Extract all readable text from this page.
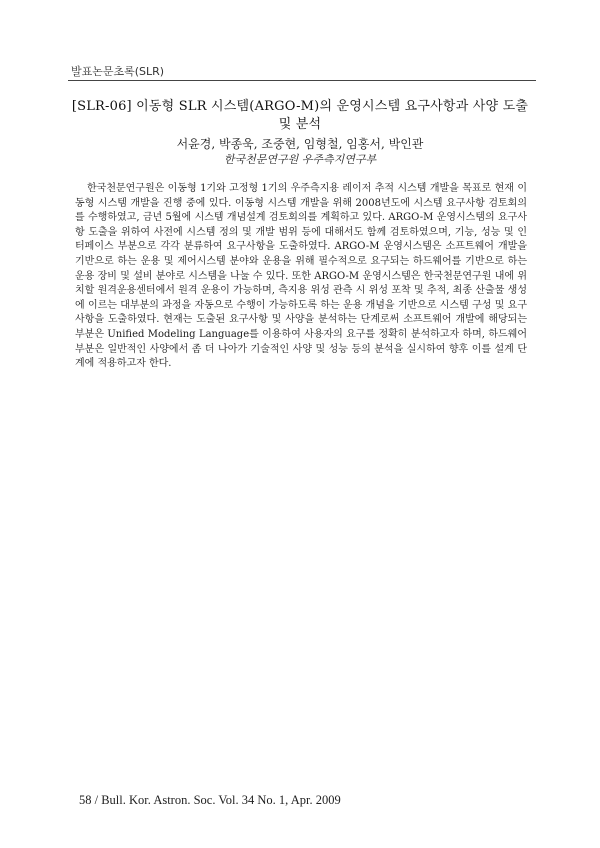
발표논문초록(SLR)
[SLR-06] 이동형 SLR 시스템(ARGO-M)의 운영시스템 요구사항과 사양 도출 및 분석
서윤경, 박종욱, 조중현, 임형철, 임홍서, 박인관
한국천문연구원 우주측지연구부

한국천문연구원은 이동형 1기와 고정형 1기의 우주측지용 레이저 추적 시스템 개발을 목표로 현재 이동형 시스템 개발을 진행 중에 있다. 이동형 시스템 개발을 위해 2008년도에 시스템 요구사항 검토회의를 수행하였고, 금년 5월에 시스템 개념설계 검토회의를 계획하고 있다. ARGO-M 운영시스템의 요구사항 도출을 위하여 사전에 시스템 정의 및 개발 범위 등에 대해서도 함께 검토하였으며, 기능, 성능 및 인터페이스 부분으로 각각 분류하여 요구사항을 도출하였다. ARGO-M 운영시스템은 소프트웨어 개발을 기반으로 하는 운용 및 제어시스템 분야와 운용을 위해 필수적으로 요구되는 하드웨어를 기반으로 하는 운용 장비 및 설비 분야로 시스템을 나눌 수 있다. 또한 ARGO-M 운영시스템은 한국천문연구원 내에 위치할 원격운용센터에서 원격 운용이 가능하며, 측지용 위성 관측 시 위성 포착 및 추적, 최종 산출물 생성에 이르는 대부분의 과정을 자동으로 수행이 가능하도록 하는 운용 개념을 기반으로 시스템 구성 및 요구사항을 도출하였다. 현재는 도출된 요구사항 및 사양을 분석하는 단계로써 소프트웨어 개발에 해당되는 부분은 Unified Modeling Language를 이용하여 사용자의 요구를 정확히 분석하고자 하며, 하드웨어 부분은 일반적인 사양에서 좀 더 나아가 기술적인 사양 및 성능 등의 분석을 실시하여 향후 이를 설계 단계에 적용하고자 한다.

58 / Bull. Kor. Astron. Soc. Vol. 34 No. 1, Apr. 2009
